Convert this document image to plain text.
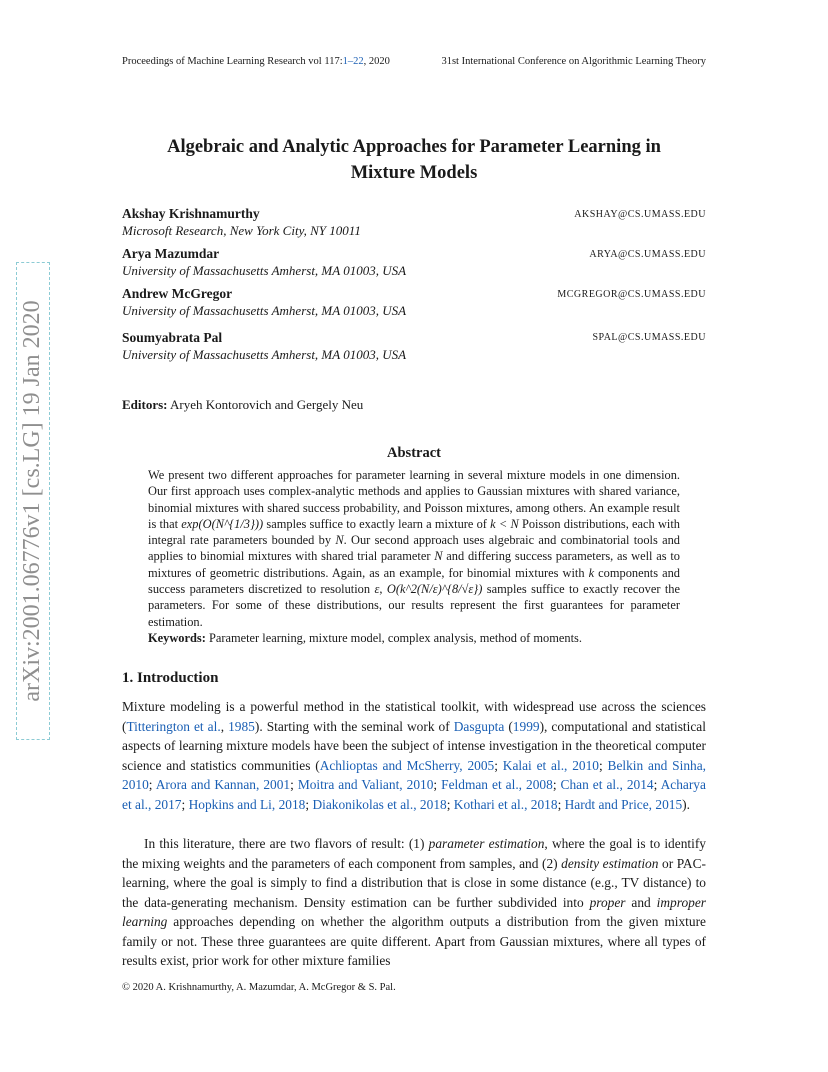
arXiv:2001.06776v1 [cs.LG] 19 Jan 2020
Proceedings of Machine Learning Research vol 117:1–22, 2020	31st International Conference on Algorithmic Learning Theory
Algebraic and Analytic Approaches for Parameter Learning in
Mixture Models
Akshay Krishnamurthy
Microsoft Research, New York City, NY 10011
AKSHAY@CS.UMASS.EDU
Arya Mazumdar
University of Massachusetts Amherst, MA 01003, USA
ARYA@CS.UMASS.EDU
Andrew McGregor
University of Massachusetts Amherst, MA 01003, USA
MCGREGOR@CS.UMASS.EDU
Soumyabrata Pal
University of Massachusetts Amherst, MA 01003, USA
SPAL@CS.UMASS.EDU
Editors: Aryeh Kontorovich and Gergely Neu
Abstract

We present two different approaches for parameter learning in several mixture models in one dimension. Our first approach uses complex-analytic methods and applies to Gaussian mixtures with shared variance, binomial mixtures with shared success probability, and Poisson mixtures, among others. An example result is that exp(O(N^{1/3})) samples suffice to exactly learn a mixture of k < N Poisson distributions, each with integral rate parameters bounded by N. Our second approach uses algebraic and combinatorial tools and applies to binomial mixtures with shared trial parameter N and differing success parameters, as well as to mixtures of geometric distributions. Again, as an example, for binomial mixtures with k components and success parameters discretized to resolution ε, O(k^2(N/ε)^{8/√ε}) samples suffice to exactly recover the parameters. For some of these distributions, our results represent the first guarantees for parameter estimation.

Keywords: Parameter learning, mixture model, complex analysis, method of moments.

1. Introduction

Mixture modeling is a powerful method in the statistical toolkit, with widespread use across the sciences (Titterington et al., 1985). Starting with the seminal work of Dasgupta (1999), computational and statistical aspects of learning mixture models have been the subject of intense investigation in the theoretical computer science and statistics communities (Achlioptas and McSherry, 2005; Kalai et al., 2010; Belkin and Sinha, 2010; Arora and Kannan, 2001; Moitra and Valiant, 2010; Feldman et al., 2008; Chan et al., 2014; Acharya et al., 2017; Hopkins and Li, 2018; Diakonikolas et al., 2018; Kothari et al., 2018; Hardt and Price, 2015).

In this literature, there are two flavors of result: (1) parameter estimation, where the goal is to identify the mixing weights and the parameters of each component from samples, and (2) density estimation or PAC-learning, where the goal is simply to find a distribution that is close in some distance (e.g., TV distance) to the data-generating mechanism. Density estimation can be further subdivided into proper and improper learning approaches depending on whether the algorithm outputs a distribution from the given mixture family or not. These three guarantees are quite different. Apart from Gaussian mixtures, where all types of results exist, prior work for other mixture families

© 2020 A. Krishnamurthy, A. Mazumdar, A. McGregor & S. Pal.
